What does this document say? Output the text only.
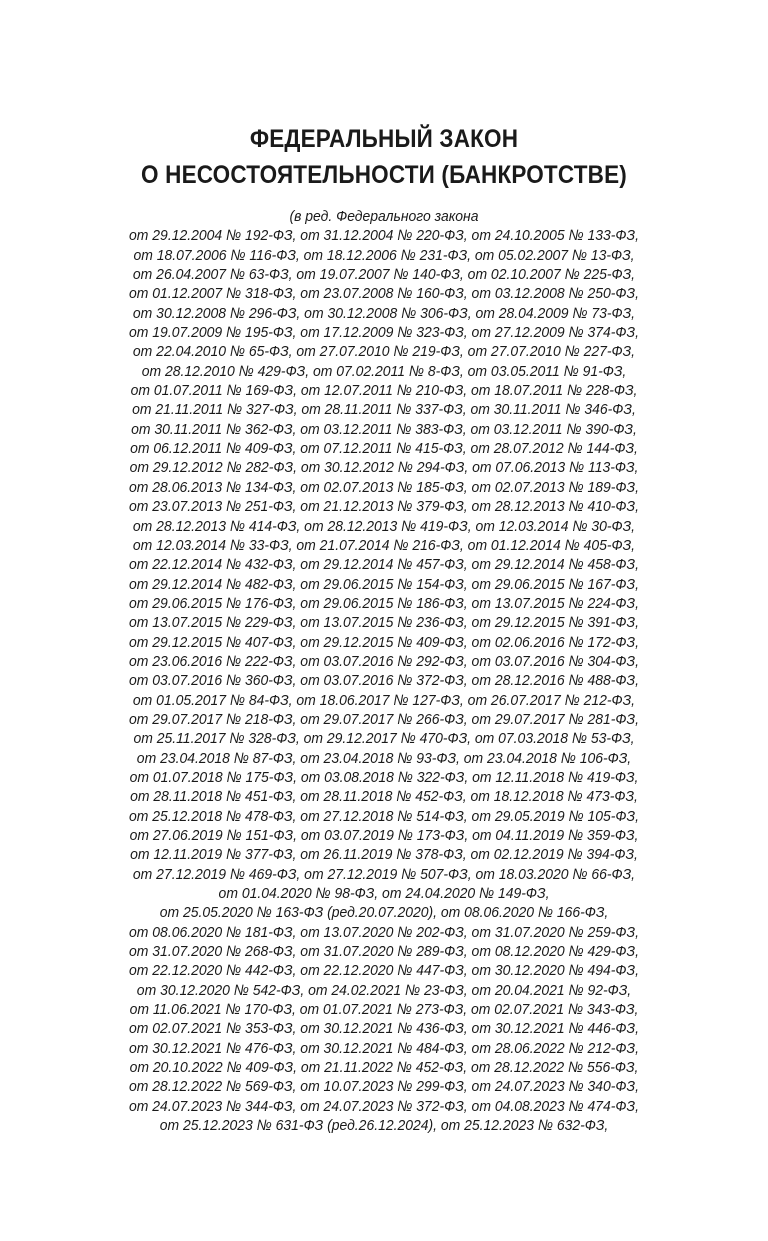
ФЕДЕРАЛЬНЫЙ ЗАКОН
О НЕСОСТОЯТЕЛЬНОСТИ (БАНКРОТСТВЕ)
(в ред. Федерального закона
от 29.12.2004 № 192-ФЗ, от 31.12.2004 № 220-ФЗ, от 24.10.2005 № 133-ФЗ,
от 18.07.2006 № 116-ФЗ, от 18.12.2006 № 231-ФЗ, от 05.02.2007 № 13-ФЗ,
от 26.04.2007 № 63-ФЗ, от 19.07.2007 № 140-ФЗ, от 02.10.2007 № 225-ФЗ,
от 01.12.2007 № 318-ФЗ, от 23.07.2008 № 160-ФЗ, от 03.12.2008 № 250-ФЗ,
от 30.12.2008 № 296-ФЗ, от 30.12.2008 № 306-ФЗ, от 28.04.2009 № 73-ФЗ,
от 19.07.2009 № 195-ФЗ, от 17.12.2009 № 323-ФЗ, от 27.12.2009 № 374-ФЗ,
от 22.04.2010 № 65-ФЗ, от 27.07.2010 № 219-ФЗ, от 27.07.2010 № 227-ФЗ,
от 28.12.2010 № 429-ФЗ, от 07.02.2011 № 8-ФЗ, от 03.05.2011 № 91-ФЗ,
от 01.07.2011 № 169-ФЗ, от 12.07.2011 № 210-ФЗ, от 18.07.2011 № 228-ФЗ,
от 21.11.2011 № 327-ФЗ, от 28.11.2011 № 337-ФЗ, от 30.11.2011 № 346-ФЗ,
от 30.11.2011 № 362-ФЗ, от 03.12.2011 № 383-ФЗ, от 03.12.2011 № 390-ФЗ,
от 06.12.2011 № 409-ФЗ, от 07.12.2011 № 415-ФЗ, от 28.07.2012 № 144-ФЗ,
от 29.12.2012 № 282-ФЗ, от 30.12.2012 № 294-ФЗ, от 07.06.2013 № 113-ФЗ,
от 28.06.2013 № 134-ФЗ, от 02.07.2013 № 185-ФЗ, от 02.07.2013 № 189-ФЗ,
от 23.07.2013 № 251-ФЗ, от 21.12.2013 № 379-ФЗ, от 28.12.2013 № 410-ФЗ,
от 28.12.2013 № 414-ФЗ, от 28.12.2013 № 419-ФЗ, от 12.03.2014 № 30-ФЗ,
от 12.03.2014 № 33-ФЗ, от 21.07.2014 № 216-ФЗ, от 01.12.2014 № 405-ФЗ,
от 22.12.2014 № 432-ФЗ, от 29.12.2014 № 457-ФЗ, от 29.12.2014 № 458-ФЗ,
от 29.12.2014 № 482-ФЗ, от 29.06.2015 № 154-ФЗ, от 29.06.2015 № 167-ФЗ,
от 29.06.2015 № 176-ФЗ, от 29.06.2015 № 186-ФЗ, от 13.07.2015 № 224-ФЗ,
от 13.07.2015 № 229-ФЗ, от 13.07.2015 № 236-ФЗ, от 29.12.2015 № 391-ФЗ,
от 29.12.2015 № 407-ФЗ, от 29.12.2015 № 409-ФЗ, от 02.06.2016 № 172-ФЗ,
от 23.06.2016 № 222-ФЗ, от 03.07.2016 № 292-ФЗ, от 03.07.2016 № 304-ФЗ,
от 03.07.2016 № 360-ФЗ, от 03.07.2016 № 372-ФЗ, от 28.12.2016 № 488-ФЗ,
от 01.05.2017 № 84-ФЗ, от 18.06.2017 № 127-ФЗ, от 26.07.2017 № 212-ФЗ,
от 29.07.2017 № 218-ФЗ, от 29.07.2017 № 266-ФЗ, от 29.07.2017 № 281-ФЗ,
от 25.11.2017 № 328-ФЗ, от 29.12.2017 № 470-ФЗ, от 07.03.2018 № 53-ФЗ,
от 23.04.2018 № 87-ФЗ, от 23.04.2018 № 93-ФЗ, от 23.04.2018 № 106-ФЗ,
от 01.07.2018 № 175-ФЗ, от 03.08.2018 № 322-ФЗ, от 12.11.2018 № 419-ФЗ,
от 28.11.2018 № 451-ФЗ, от 28.11.2018 № 452-ФЗ, от 18.12.2018 № 473-ФЗ,
от 25.12.2018 № 478-ФЗ, от 27.12.2018 № 514-ФЗ, от 29.05.2019 № 105-ФЗ,
от 27.06.2019 № 151-ФЗ, от 03.07.2019 № 173-ФЗ, от 04.11.2019 № 359-ФЗ,
от 12.11.2019 № 377-ФЗ, от 26.11.2019 № 378-ФЗ, от 02.12.2019 № 394-ФЗ,
от 27.12.2019 № 469-ФЗ, от 27.12.2019 № 507-ФЗ, от 18.03.2020 № 66-ФЗ,
от 01.04.2020 № 98-ФЗ, от 24.04.2020 № 149-ФЗ,
от 25.05.2020 № 163-ФЗ (ред.20.07.2020), от 08.06.2020 № 166-ФЗ,
от 08.06.2020 № 181-ФЗ, от 13.07.2020 № 202-ФЗ, от 31.07.2020 № 259-ФЗ,
от 31.07.2020 № 268-ФЗ, от 31.07.2020 № 289-ФЗ, от 08.12.2020 № 429-ФЗ,
от 22.12.2020 № 442-ФЗ, от 22.12.2020 № 447-ФЗ, от 30.12.2020 № 494-ФЗ,
от 30.12.2020 № 542-ФЗ, от 24.02.2021 № 23-ФЗ, от 20.04.2021 № 92-ФЗ,
от 11.06.2021 № 170-ФЗ, от 01.07.2021 № 273-ФЗ, от 02.07.2021 № 343-ФЗ,
от 02.07.2021 № 353-ФЗ, от 30.12.2021 № 436-ФЗ, от 30.12.2021 № 446-ФЗ,
от 30.12.2021 № 476-ФЗ, от 30.12.2021 № 484-ФЗ, от 28.06.2022 № 212-ФЗ,
от 20.10.2022 № 409-ФЗ, от 21.11.2022 № 452-ФЗ, от 28.12.2022 № 556-ФЗ,
от 28.12.2022 № 569-ФЗ, от 10.07.2023 № 299-ФЗ, от 24.07.2023 № 340-ФЗ,
от 24.07.2023 № 344-ФЗ, от 24.07.2023 № 372-ФЗ, от 04.08.2023 № 474-ФЗ,
от 25.12.2023 № 631-ФЗ (ред.26.12.2024), от 25.12.2023 № 632-ФЗ,
